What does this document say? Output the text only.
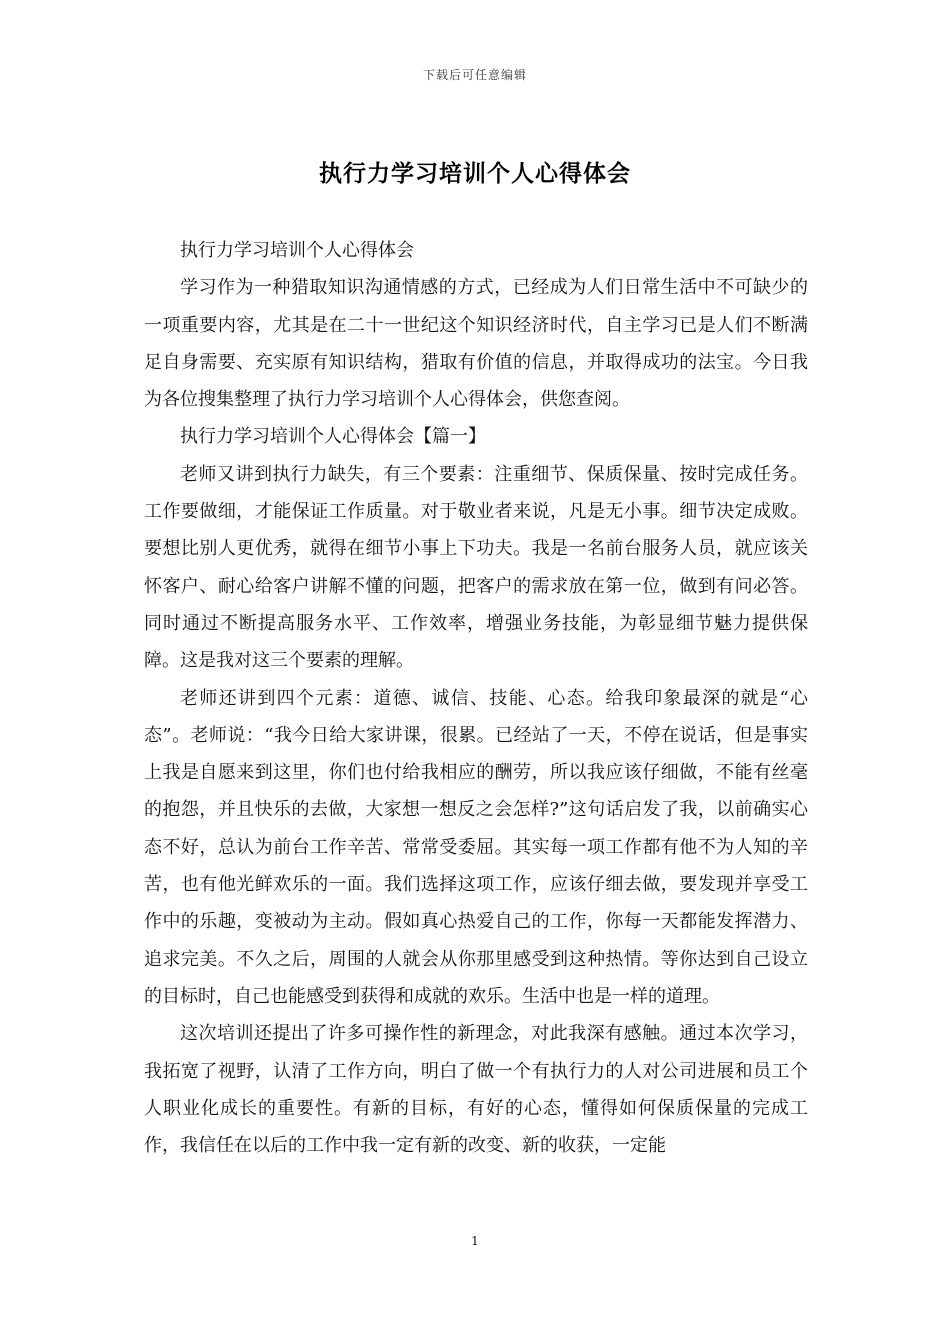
下载后可任意编辑
执行力学习培训个人心得体会

执行力学习培训个人心得体会

学习作为一种猎取知识沟通情感的方式，已经成为人们日常生活中不可缺少的一项重要内容，尤其是在二十一世纪这个知识经济时代，自主学习已是人们不断满足自身需要、充实原有知识结构，猎取有价值的信息，并取得成功的法宝。今日我为各位搜集整理了执行力学习培训个人心得体会，供您查阅。

执行力学习培训个人心得体会【篇一】

老师又讲到执行力缺失，有三个要素：注重细节、保质保量、按时完成任务。工作要做细，才能保证工作质量。对于敬业者来说，凡是无小事。细节决定成败。要想比别人更优秀，就得在细节小事上下功夫。我是一名前台服务人员，就应该关怀客户、耐心给客户讲解不懂的问题，把客户的需求放在第一位，做到有问必答。同时通过不断提高服务水平、工作效率，增强业务技能，为彰显细节魅力提供保障。这是我对这三个要素的理解。

老师还讲到四个元素：道德、诚信、技能、心态。给我印象最深的就是“心态”。老师说：“我今日给大家讲课，很累。已经站了一天，不停在说话，但是事实上我是自愿来到这里，你们也付给我相应的酬劳，所以我应该仔细做，不能有丝毫的抱怨，并且快乐的去做，大家想一想反之会怎样?”这句话启发了我，以前确实心态不好，总认为前台工作辛苦、常常受委屈。其实每一项工作都有他不为人知的辛苦，也有他光鲜欢乐的一面。我们选择这项工作，应该仔细去做，要发现并享受工作中的乐趣，变被动为主动。假如真心热爱自己的工作，你每一天都能发挥潜力、追求完美。不久之后，周围的人就会从你那里感受到这种热情。等你达到自己设立的目标时，自己也能感受到获得和成就的欢乐。生活中也是一样的道理。

这次培训还提出了许多可操作性的新理念，对此我深有感触。通过本次学习，我拓宽了视野，认清了工作方向，明白了做一个有执行力的人对公司进展和员工个人职业化成长的重要性。有新的目标，有好的心态，懂得如何保质保量的完成工作，我信任在以后的工作中我一定有新的改变、新的收获，一定能

1
